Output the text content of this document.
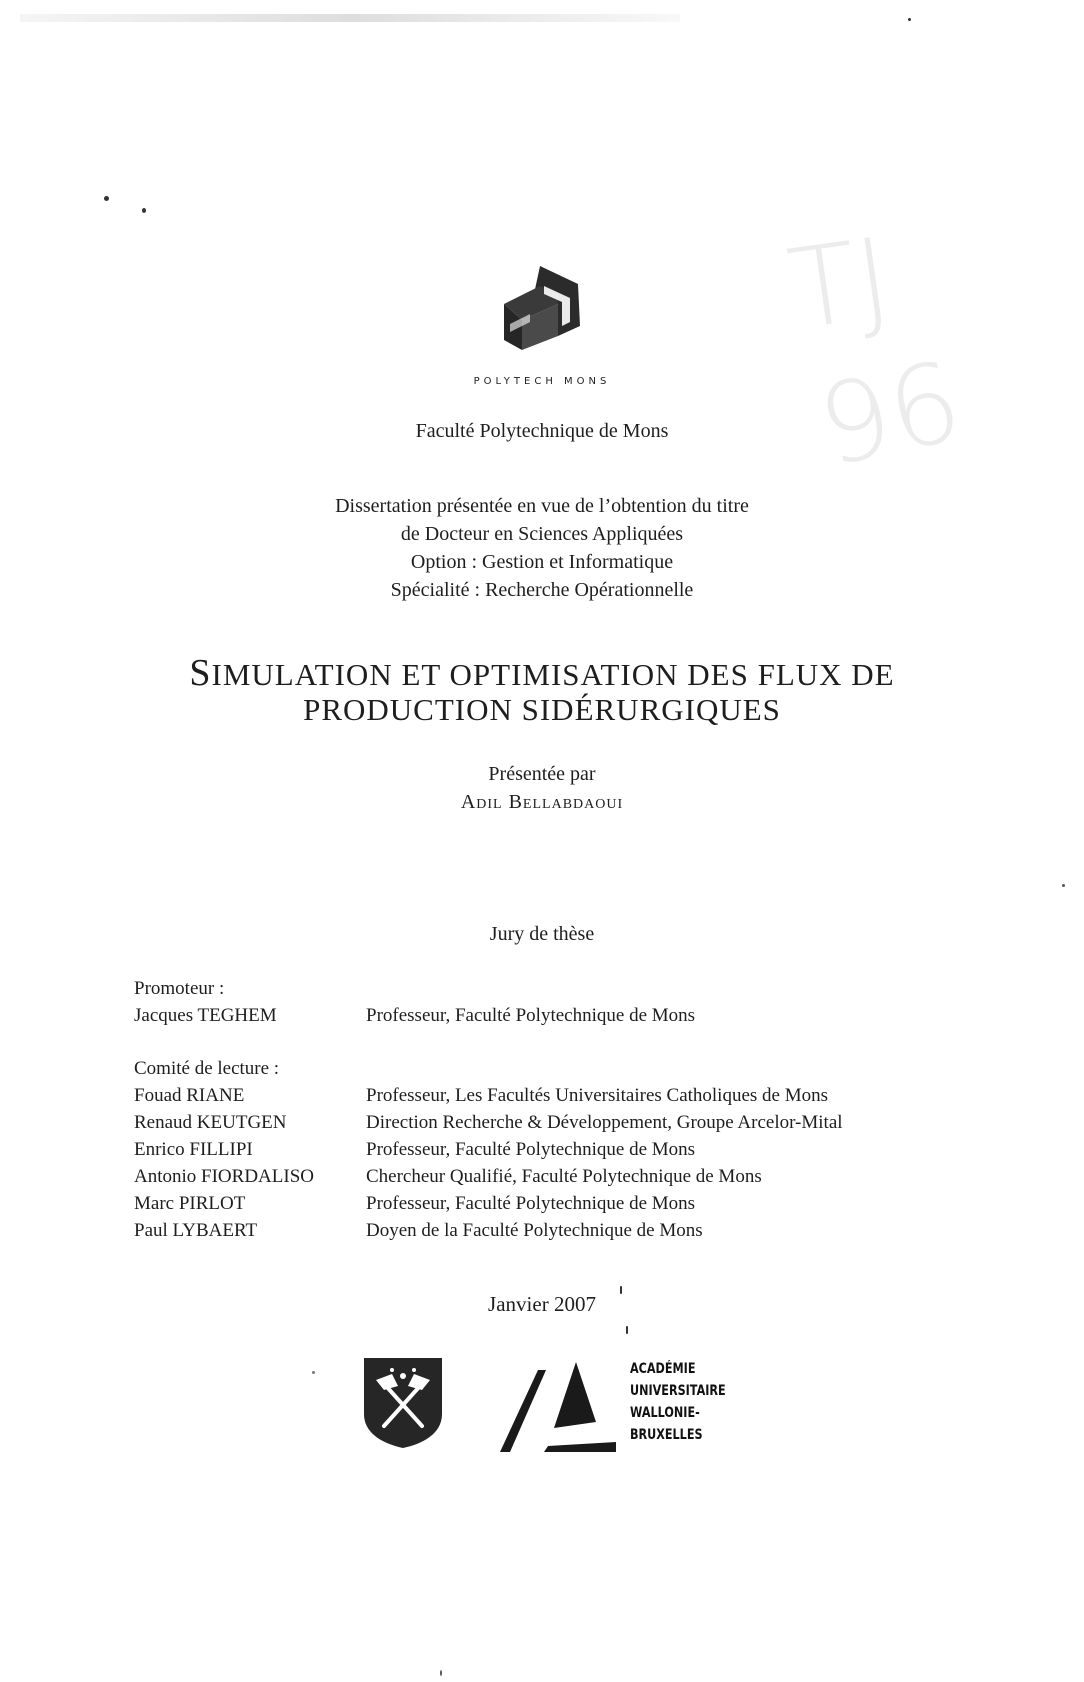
TJ
96
POLYTECH MONS
Faculté Polytechnique de Mons
Dissertation présentée en vue de l’obtention du titre
de Docteur en Sciences Appliquées
Option : Gestion et Informatique
Spécialité : Recherche Opérationnelle
SIMULATION ET OPTIMISATION DES FLUX DE
PRODUCTION SIDÉRURGIQUES
Présentée par
Adil Bellabdaoui
Jury de thèse
Promoteur :
Jacques TEGHEM	Professeur, Faculté Polytechnique de Mons
Comité de lecture :
Fouad RIANE	Professeur, Les Facultés Universitaires Catholiques de Mons
Renaud KEUTGEN	Direction Recherche & Développement, Groupe Arcelor-Mital
Enrico FILLIPI	Professeur, Faculté Polytechnique de Mons
Antonio FIORDALISO	Chercheur Qualifié, Faculté Polytechnique de Mons
Marc PIRLOT	Professeur, Faculté Polytechnique de Mons
Paul LYBAERT	Doyen de la Faculté Polytechnique de Mons
Janvier 2007
ACADÉMIE
UNIVERSITAIRE
WALLONIE-
BRUXELLES
